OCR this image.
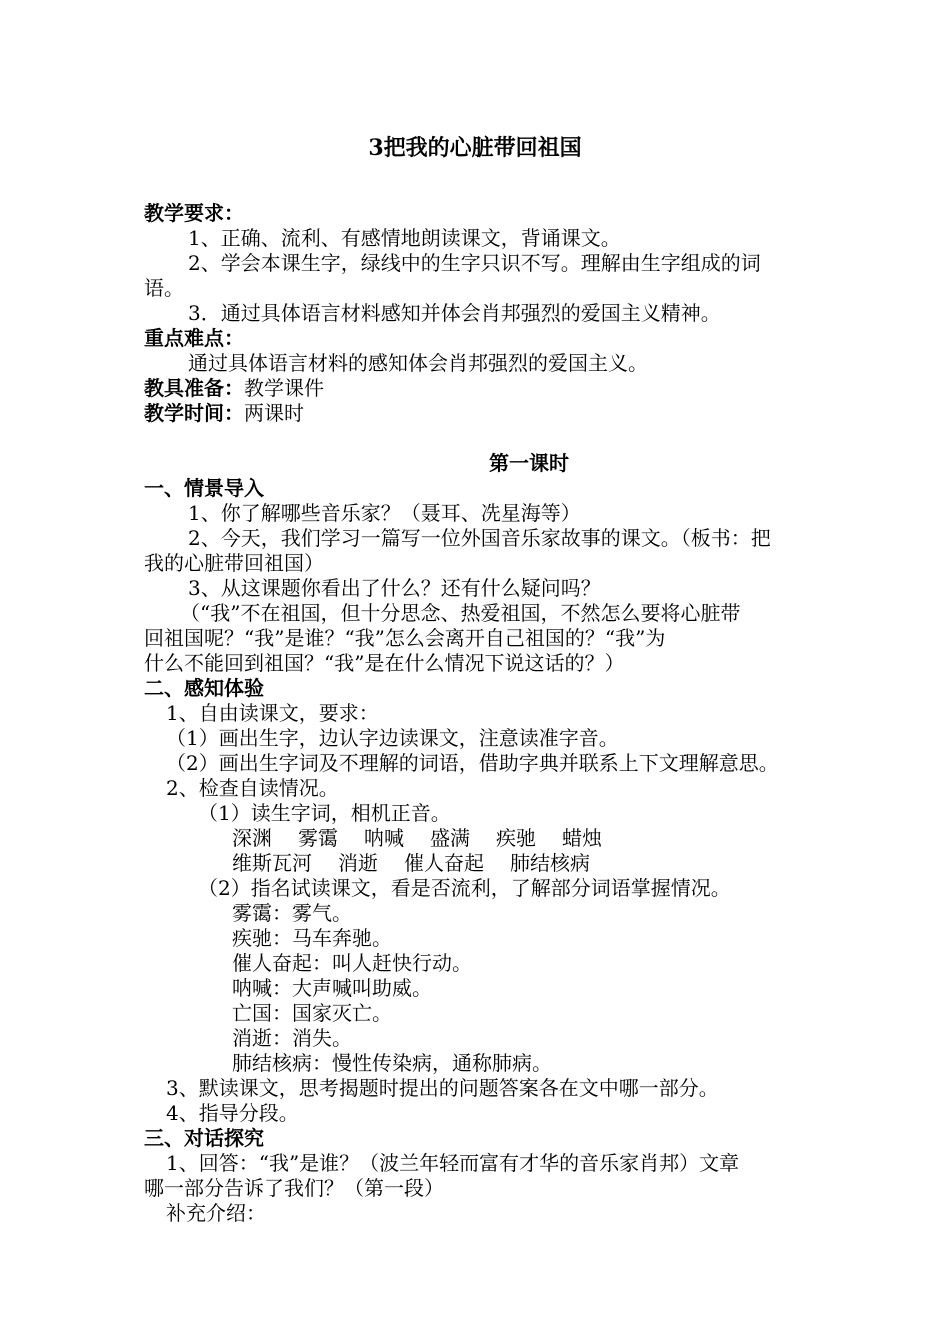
3把我的心脏带回祖国
教学要求：
1、正确、流利、有感情地朗读课文，背诵课文。
2、学会本课生字，绿线中的生字只识不写。理解由生字组成的词
语。
3．通过具体语言材料感知并体会肖邦强烈的爱国主义精神。
重点难点：
通过具体语言材料的感知体会肖邦强烈的爱国主义。
教具准备：教学课件
教学时间：两课时
第一课时
一、情景导入
1、你了解哪些音乐家？（聂耳、冼星海等）
2、今天，我们学习一篇写一位外国音乐家故事的课文。（板书：把
我的心脏带回祖国）
3、从这课题你看出了什么？还有什么疑问吗？
（“我”不在祖国，但十分思念、热爱祖国，不然怎么要将心脏带
回祖国呢？“我”是谁？“我”怎么会离开自己祖国的？“我”为
什么不能回到祖国？“我”是在什么情况下说这话的？）
二、感知体验
1、自由读课文，要求：
（1）画出生字，边认字边读课文，注意读准字音。
（2）画出生字词及不理解的词语，借助字典并联系上下文理解意思。
2、检查自读情况。
（1）读生字词，相机正音。
深渊 雾霭 呐喊 盛满 疾驰 蜡烛
维斯瓦河 消逝 催人奋起 肺结核病
（2）指名试读课文，看是否流利，了解部分词语掌握情况。
雾霭：雾气。
疾驰：马车奔驰。
催人奋起：叫人赶快行动。
呐喊：大声喊叫助威。
亡国：国家灭亡。
消逝：消失。
肺结核病：慢性传染病，通称肺病。
3、默读课文，思考揭题时提出的问题答案各在文中哪一部分。
4、指导分段。
三、对话探究
1、回答：“我”是谁？（波兰年轻而富有才华的音乐家肖邦）文章
哪一部分告诉了我们？（第一段）
补充介绍：
